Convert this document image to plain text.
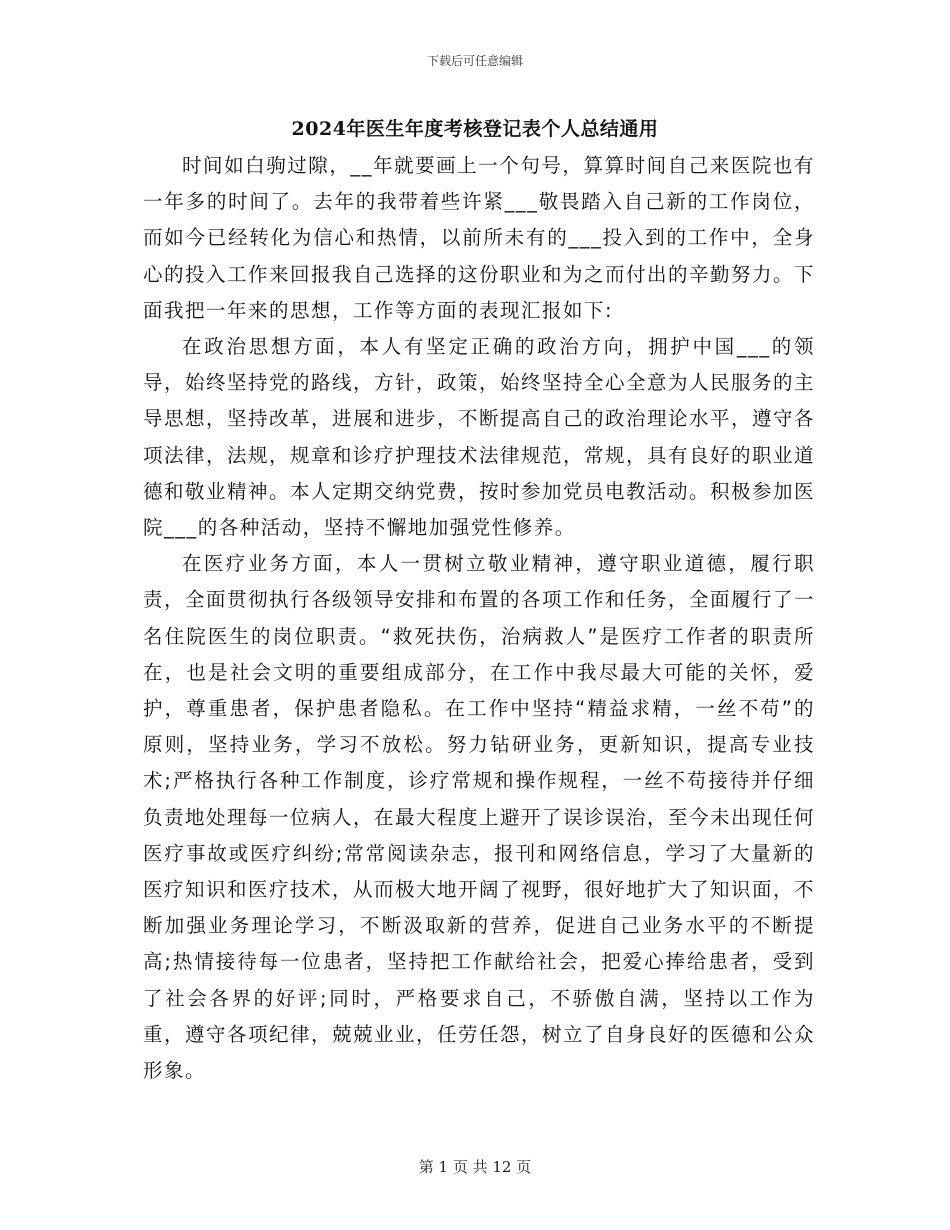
下载后可任意编辑
2024年医生年度考核登记表个人总结通用

时间如白驹过隙，__年就要画上一个句号，算算时间自己来医院也有一年多的时间了。去年的我带着些许紧___敬畏踏入自己新的工作岗位，而如今已经转化为信心和热情，以前所未有的___投入到的工作中，全身心的投入工作来回报我自己选择的这份职业和为之而付出的辛勤努力。下面我把一年来的思想，工作等方面的表现汇报如下:

在政治思想方面，本人有坚定正确的政治方向，拥护中国___的领导，始终坚持党的路线，方针，政策，始终坚持全心全意为人民服务的主导思想，坚持改革，进展和进步，不断提高自己的政治理论水平，遵守各项法律，法规，规章和诊疗护理技术法律规范，常规，具有良好的职业道德和敬业精神。本人定期交纳党费，按时参加党员电教活动。积极参加医院___的各种活动，坚持不懈地加强党性修养。

在医疗业务方面，本人一贯树立敬业精神，遵守职业道德，履行职责，全面贯彻执行各级领导安排和布置的各项工作和任务，全面履行了一名住院医生的岗位职责。“救死扶伤，治病救人”是医疗工作者的职责所在，也是社会文明的重要组成部分，在工作中我尽最大可能的关怀，爱护，尊重患者，保护患者隐私。在工作中坚持“精益求精，一丝不苟”的原则，坚持业务，学习不放松。努力钻研业务，更新知识，提高专业技术;严格执行各种工作制度，诊疗常规和操作规程，一丝不苟接待并仔细负责地处理每一位病人，在最大程度上避开了误诊误治，至今未出现任何医疗事故或医疗纠纷;常常阅读杂志，报刊和网络信息，学习了大量新的医疗知识和医疗技术，从而极大地开阔了视野，很好地扩大了知识面，不断加强业务理论学习，不断汲取新的营养，促进自己业务水平的不断提高;热情接待每一位患者，坚持把工作献给社会，把爱心捧给患者，受到了社会各界的好评;同时，严格要求自己，不骄傲自满，坚持以工作为重，遵守各项纪律，兢兢业业，任劳任怨，树立了自身良好的医德和公众形象。

第 1 页 共 12 页
